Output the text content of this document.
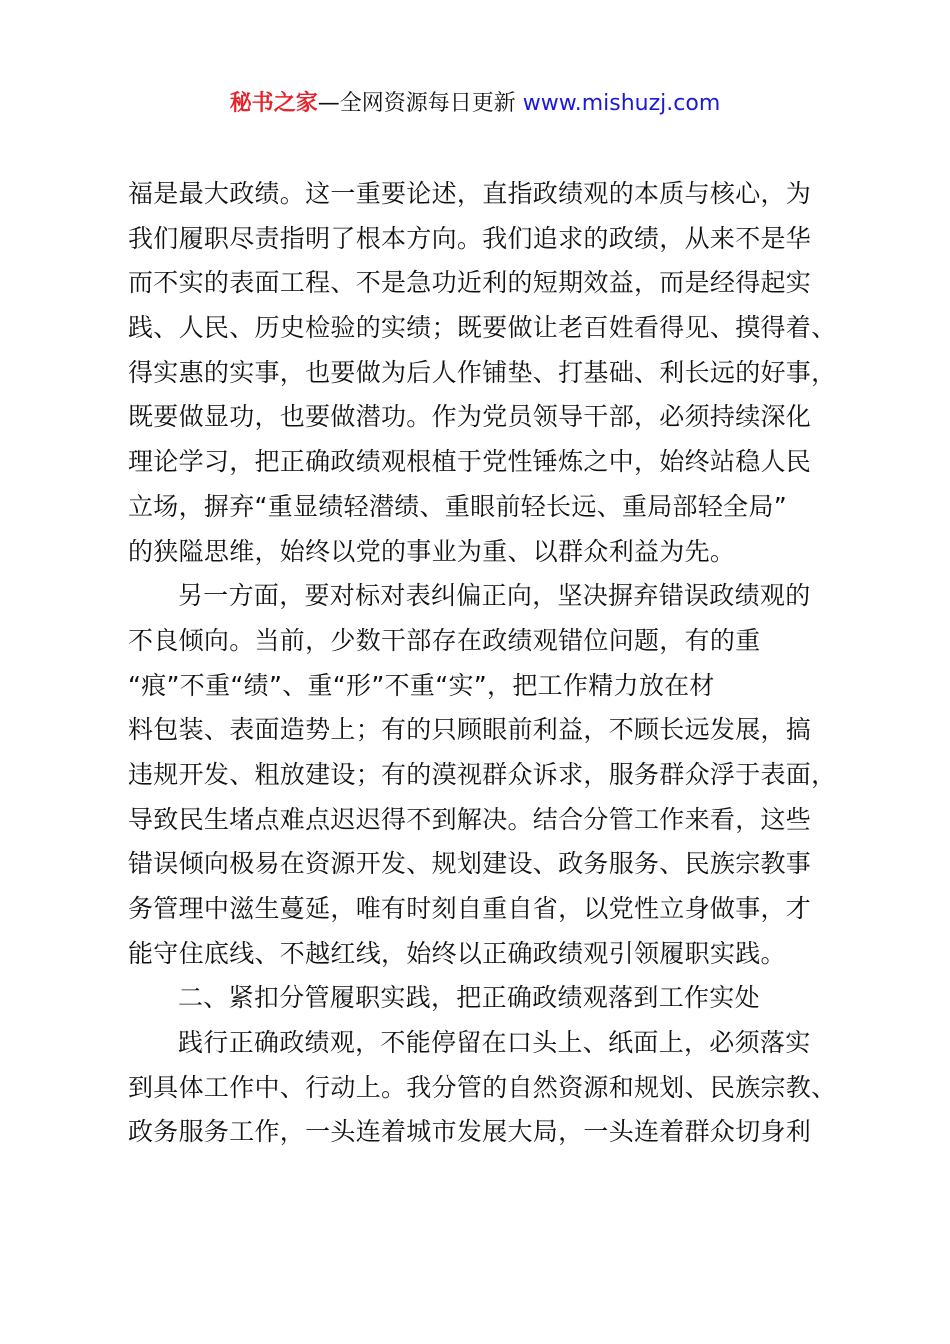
秘书之家—全网资源每日更新 www.mishuzj.com
福是最大政绩。这一重要论述，直指政绩观的本质与核心，为
我们履职尽责指明了根本方向。我们追求的政绩，从来不是华
而不实的表面工程、不是急功近利的短期效益，而是经得起实
践、人民、历史检验的实绩；既要做让老百姓看得见、摸得着、
得实惠的实事，也要做为后人作铺垫、打基础、利长远的好事，
既要做显功，也要做潜功。作为党员领导干部，必须持续深化
理论学习，把正确政绩观根植于党性锤炼之中，始终站稳人民
立场，摒弃“重显绩轻潜绩、重眼前轻长远、重局部轻全局”
的狭隘思维，始终以党的事业为重、以群众利益为先。
另一方面，要对标对表纠偏正向，坚决摒弃错误政绩观的
不良倾向。当前，少数干部存在政绩观错位问题，有的重
“痕”不重“绩”、重“形”不重“实”，把工作精力放在材
料包装、表面造势上；有的只顾眼前利益，不顾长远发展，搞
违规开发、粗放建设；有的漠视群众诉求，服务群众浮于表面，
导致民生堵点难点迟迟得不到解决。结合分管工作来看，这些
错误倾向极易在资源开发、规划建设、政务服务、民族宗教事
务管理中滋生蔓延，唯有时刻自重自省，以党性立身做事，才
能守住底线、不越红线，始终以正确政绩观引领履职实践。
二、紧扣分管履职实践，把正确政绩观落到工作实处
践行正确政绩观，不能停留在口头上、纸面上，必须落实
到具体工作中、行动上。我分管的自然资源和规划、民族宗教、
政务服务工作，一头连着城市发展大局，一头连着群众切身利
